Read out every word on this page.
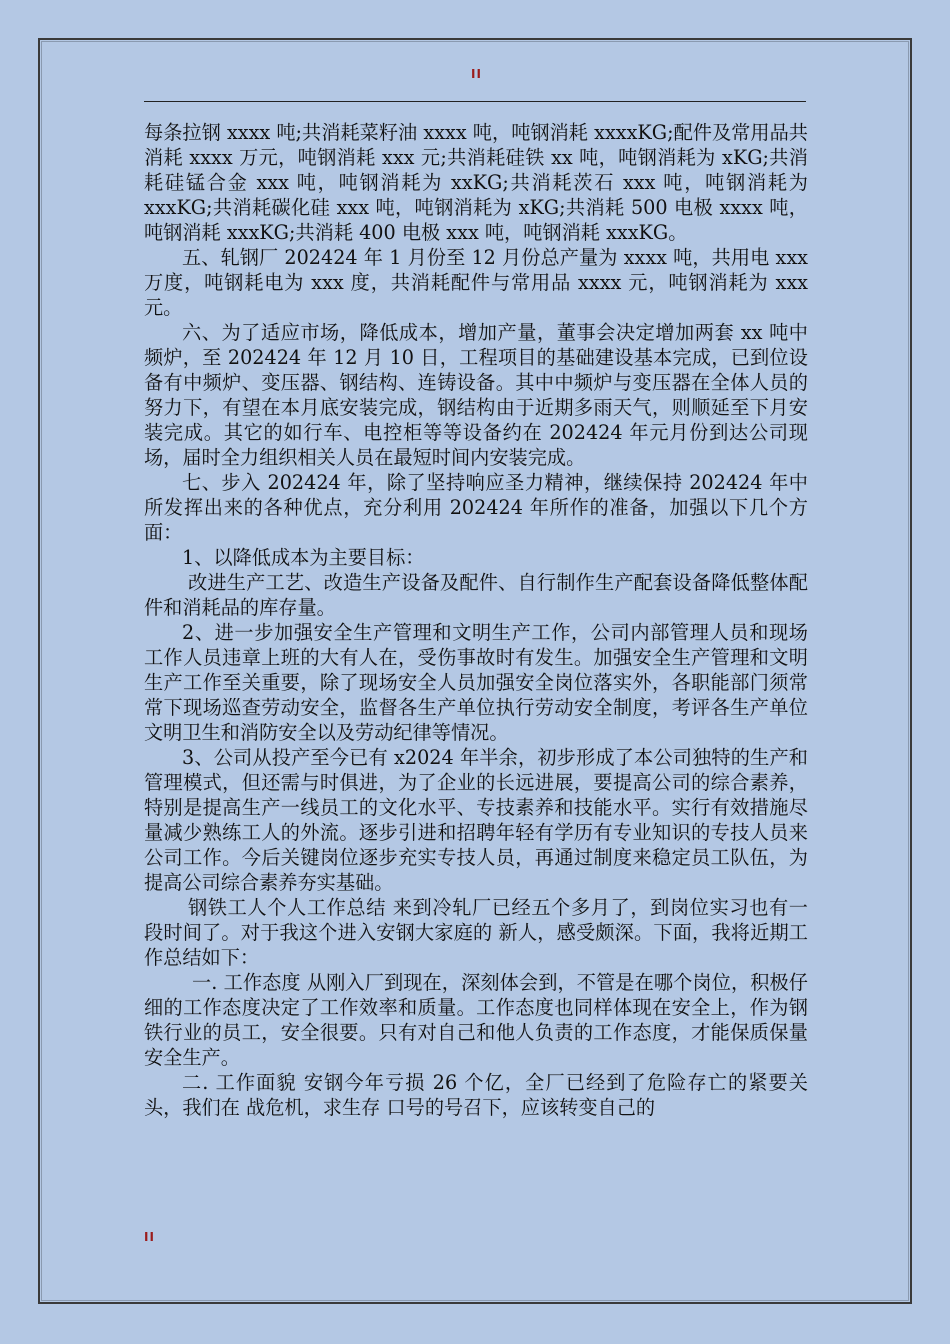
II

每条拉钢 xxxx 吨;共消耗菜籽油 xxxx 吨，吨钢消耗 xxxxKG;配件及常用品共消耗 xxxx 万元，吨钢消耗 xxx 元;共消耗硅铁 xx 吨，吨钢消耗为 xKG;共消耗硅锰合金 xxx 吨，吨钢消耗为 xxKG;共消耗茨石 xxx 吨，吨钢消耗为 xxxKG;共消耗碳化硅 xxx 吨，吨钢消耗为 xKG;共消耗 500 电极 xxxx 吨，吨钢消耗 xxxKG;共消耗 400 电极 xxx 吨，吨钢消耗 xxxKG。

五、轧钢厂 202424 年 1 月份至 12 月份总产量为 xxxx 吨，共用电 xxx 万度，吨钢耗电为 xxx 度，共消耗配件与常用品 xxxx 元，吨钢消耗为 xxx 元。

六、为了适应市场，降低成本，增加产量，董事会决定增加两套 xx 吨中频炉，至 202424 年 12 月 10 日，工程项目的基础建设基本完成，已到位设备有中频炉、变压器、钢结构、连铸设备。其中中频炉与变压器在全体人员的努力下，有望在本月底安装完成，钢结构由于近期多雨天气，则顺延至下月安装完成。其它的如行车、电控柜等等设备约在 202424 年元月份到达公司现场，届时全力组织相关人员在最短时间内安装完成。

七、步入 202424 年，除了坚持响应圣力精神，继续保持 202424 年中所发挥出来的各种优点，充分利用 202424 年所作的准备，加强以下几个方面：

1、以降低成本为主要目标：

改进生产工艺、改造生产设备及配件、自行制作生产配套设备降低整体配件和消耗品的库存量。

2、进一步加强安全生产管理和文明生产工作，公司内部管理人员和现场工作人员违章上班的大有人在，受伤事故时有发生。加强安全生产管理和文明生产工作至关重要，除了现场安全人员加强安全岗位落实外，各职能部门须常常下现场巡查劳动安全，监督各生产单位执行劳动安全制度，考评各生产单位文明卫生和消防安全以及劳动纪律等情况。

3、公司从投产至今已有 x2024 年半余，初步形成了本公司独特的生产和管理模式，但还需与时俱进，为了企业的长远进展，要提高公司的综合素养，特别是提高生产一线员工的文化水平、专技素养和技能水平。实行有效措施尽量减少熟练工人的外流。逐步引进和招聘年轻有学历有专业知识的专技人员来公司工作。今后关键岗位逐步充实专技人员，再通过制度来稳定员工队伍，为提高公司综合素养夯实基础。

钢铁工人个人工作总结 来到冷轧厂已经五个多月了，到岗位实习也有一段时间了。对于我这个进入安钢大家庭的 新人，感受颇深。下面，我将近期工作总结如下：

一. 工作态度 从刚入厂到现在，深刻体会到，不管是在哪个岗位，积极仔细的工作态度决定了工作效率和质量。工作态度也同样体现在安全上，作为钢铁行业的员工，安全很要。只有对自己和他人负责的工作态度，才能保质保量安全生产。

二. 工作面貌 安钢今年亏损 26 个亿，全厂已经到了危险存亡的紧要关头，我们在 战危机，求生存 口号的号召下，应该转变自己的

II
